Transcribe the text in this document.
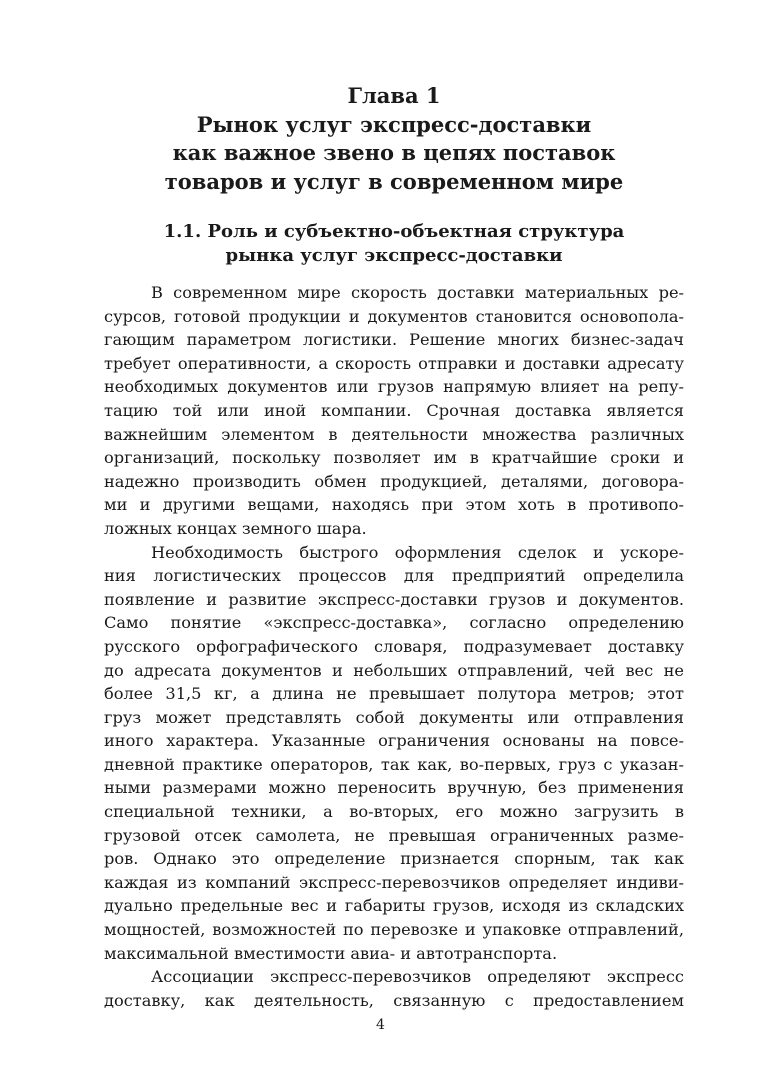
Глава 1
Рынок услуг экспресс-доставки
как важное звено в цепях поставок
товаров и услуг в современном мире
1.1. Роль и субъектно-объектная структура
рынка услуг экспресс-доставки

В современном мире скорость доставки материальных ре-
сурсов, готовой продукции и документов становится основопола-
гающим параметром логистики. Решение многих бизнес-задач
требует оперативности, а скорость отправки и доставки адресату
необходимых документов или грузов напрямую влияет на репу-
тацию той или иной компании. Срочная доставка является
важнейшим элементом в деятельности множества различных
организаций, поскольку позволяет им в кратчайшие сроки и
надежно производить обмен продукцией, деталями, договора-
ми и другими вещами, находясь при этом хоть в противопо-
ложных концах земного шара.

Необходимость быстрого оформления сделок и ускоре-
ния логистических процессов для предприятий определила
появление и развитие экспресс-доставки грузов и документов.
Само понятие «экспресс-доставка», согласно определению
русского орфографического словаря, подразумевает доставку
до адресата документов и небольших отправлений, чей вес не
более 31,5 кг, а длина не превышает полутора метров; этот
груз может представлять собой документы или отправления
иного характера. Указанные ограничения основаны на повсе-
дневной практике операторов, так как, во-первых, груз с указан-
ными размерами можно переносить вручную, без применения
специальной техники, а во-вторых, его можно загрузить в
грузовой отсек самолета, не превышая ограниченных разме-
ров. Однако это определение признается спорным, так как
каждая из компаний экспресс-перевозчиков определяет индиви-
дуально предельные вес и габариты грузов, исходя из складских
мощностей, возможностей по перевозке и упаковке отправлений,
максимальной вместимости авиа- и автотранспорта.

Ассоциации экспресс-перевозчиков определяют экспресс
доставку, как деятельность, связанную с предоставлением

4
